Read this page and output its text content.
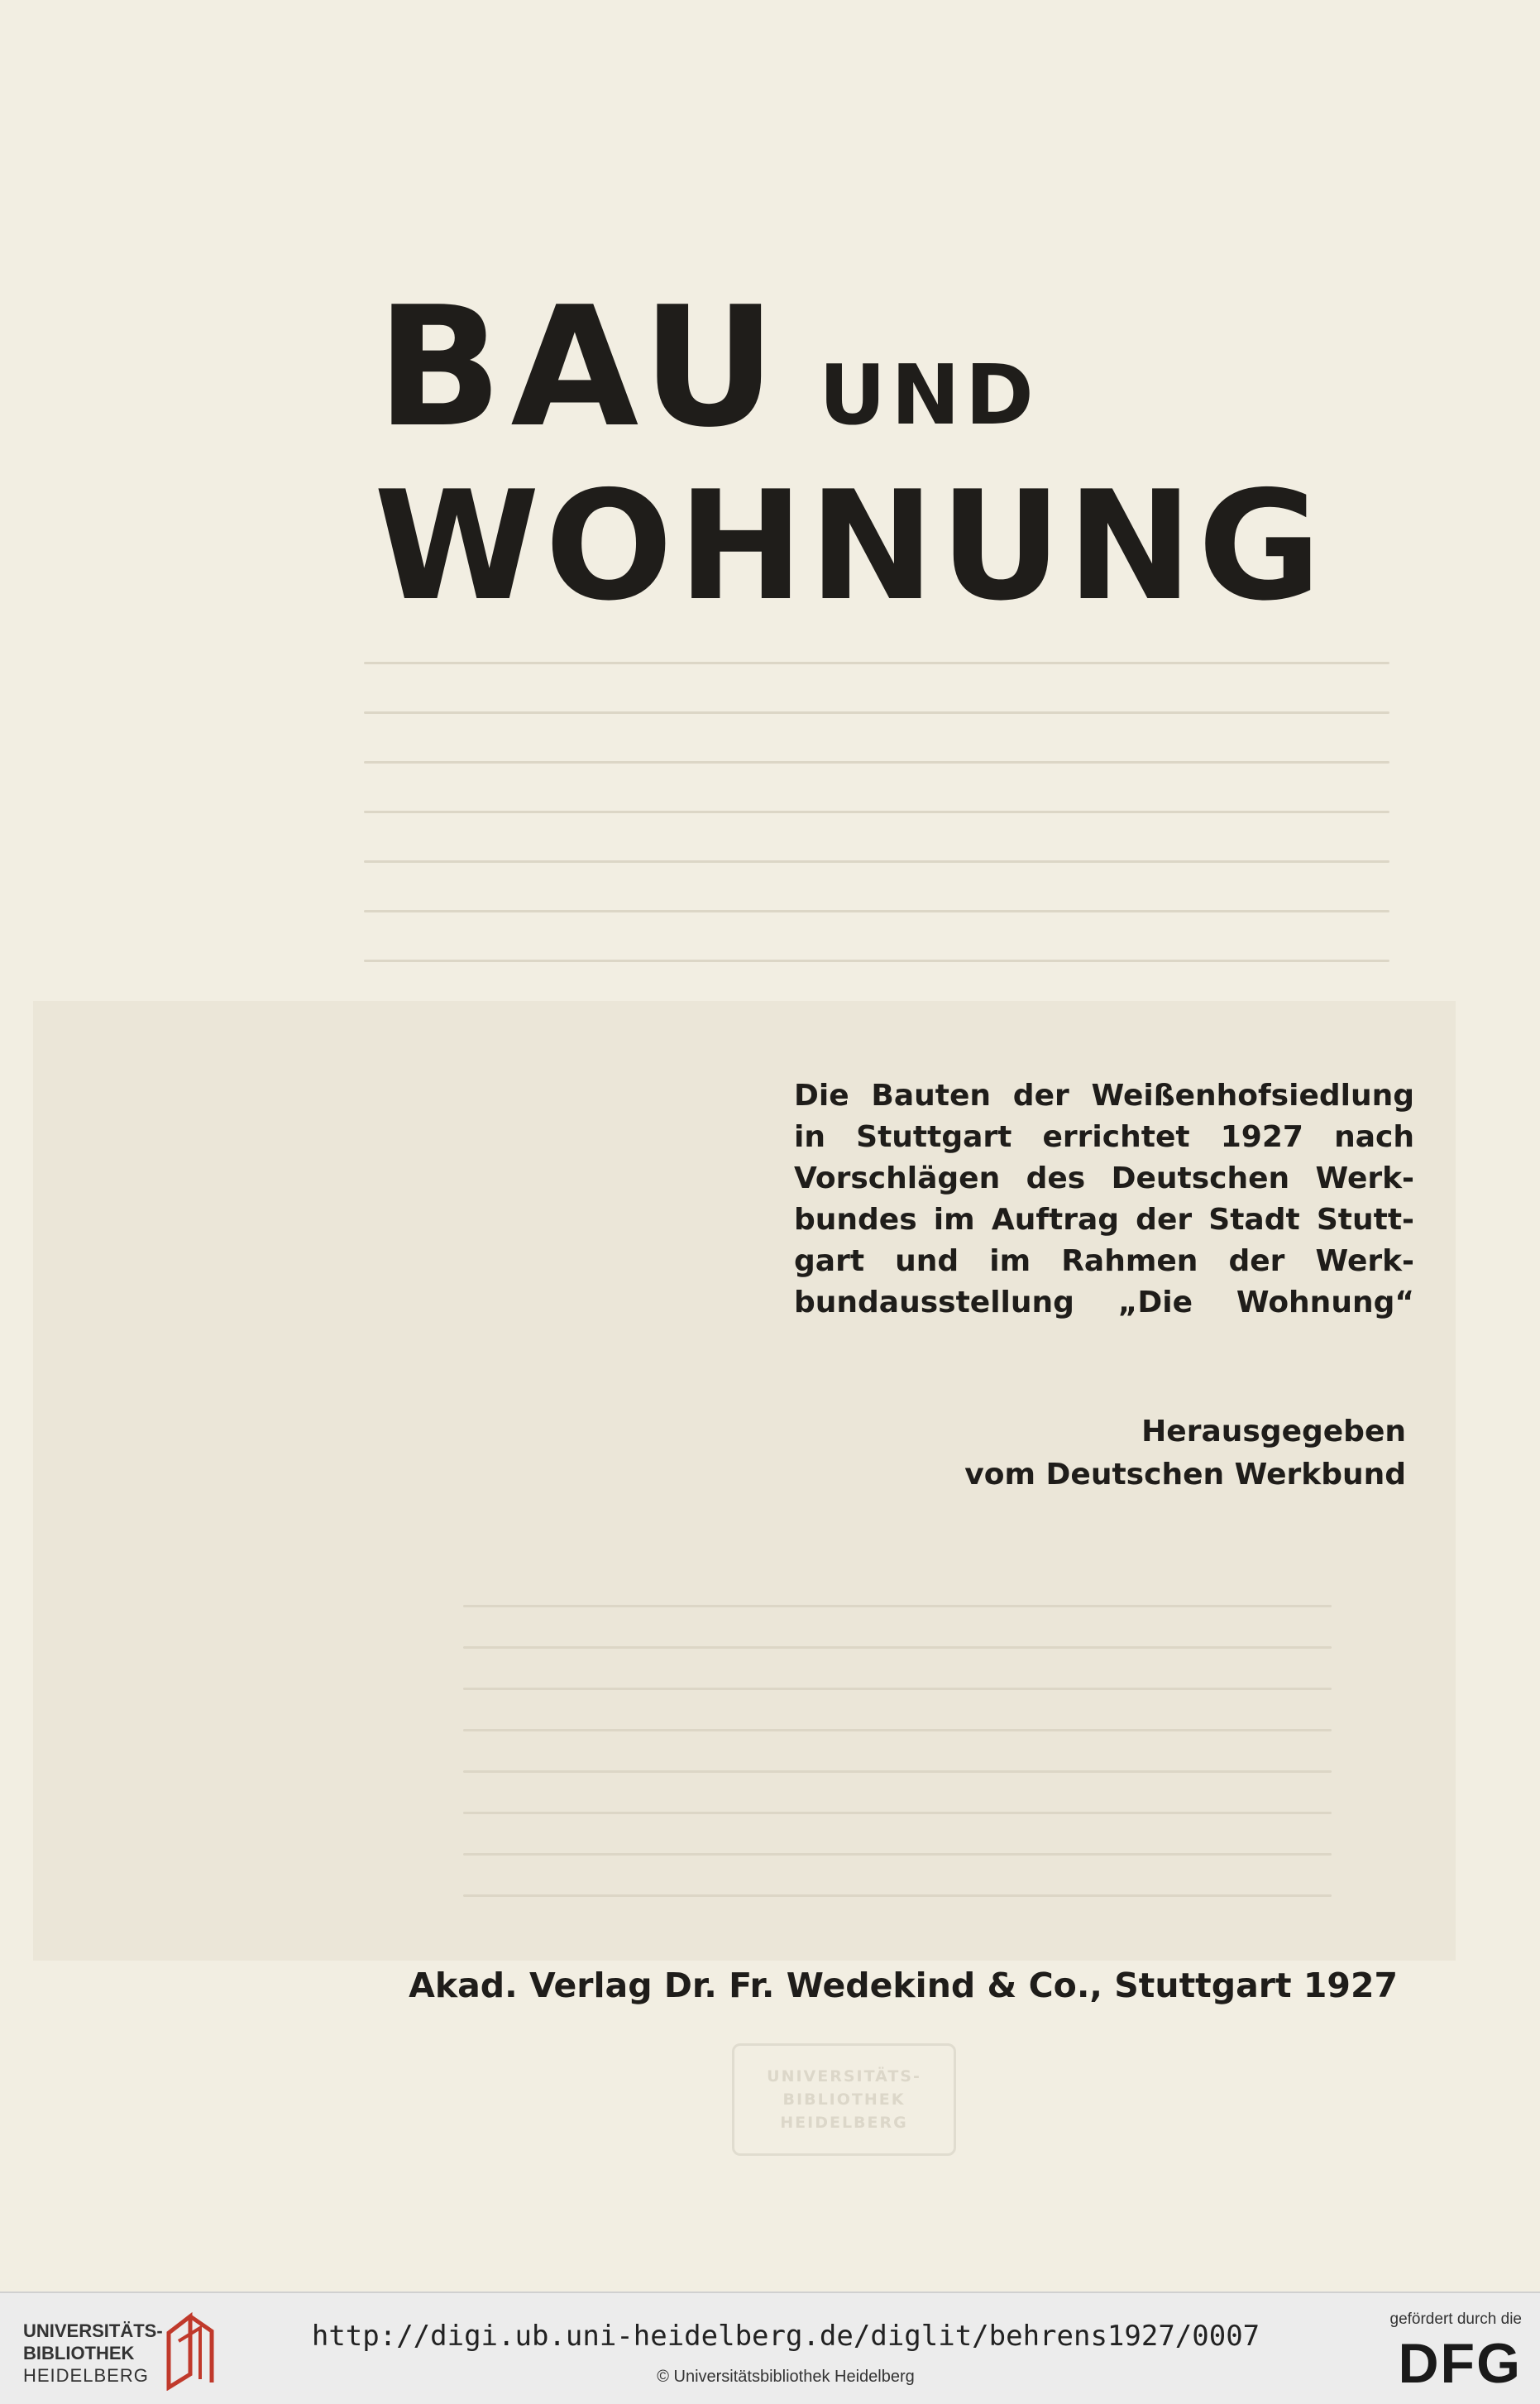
BAU UND
WOHNUNG

Die Bauten der Weißenhofsiedlung
in Stuttgart errichtet 1927 nach
Vorschlägen des Deutschen Werk-
bundes im Auftrag der Stadt Stutt-
gart und im Rahmen der Werk-
bundausstellung „Die Wohnung“

Herausgegeben
vom Deutschen Werkbund

Akad. Verlag Dr. Fr. Wedekind & Co., Stuttgart 1927

UNIVERSITÄTS-
BIBLIOTHEK
HEIDELBERG
UNIVERSITÄTS-
BIBLIOTHEK
HEIDELBERG
http://digi.ub.uni-heidelberg.de/diglit/behrens1927/0007
© Universitätsbibliothek Heidelberg
gefördert durch die
DFG
